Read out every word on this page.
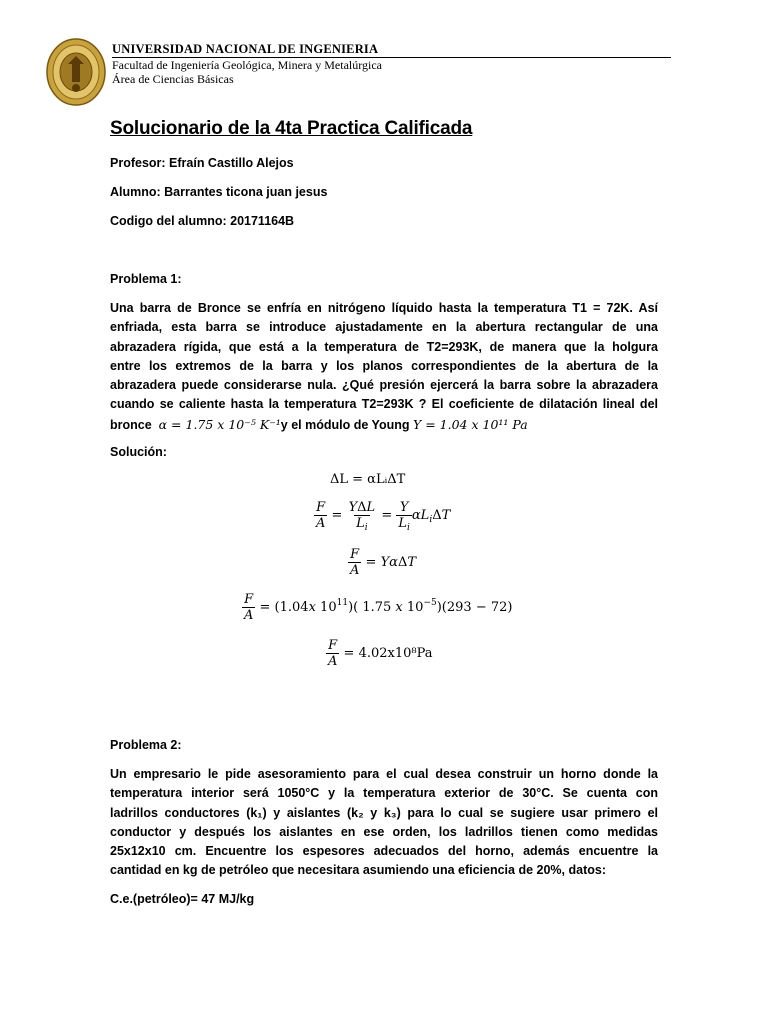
UNIVERSIDAD NACIONAL DE INGENIERIA
Facultad de Ingeniería Geológica, Minera y Metalúrgica
Área de Ciencias Básicas
Solucionario de la 4ta Practica Calificada
Profesor: Efraín Castillo Alejos
Alumno: Barrantes ticona juan jesus
Codigo del alumno: 20171164B
Problema 1:
Una barra de Bronce se enfría en nitrógeno líquido hasta la temperatura T1 = 72K. Así
enfriada, esta barra se introduce ajustadamente en la abertura rectangular de una
abrazadera rígida, que está a la temperatura de T2=293K, de manera que la holgura
entre los extremos de la barra y los planos correspondientes de la abertura de la
abrazadera puede considerarse nula. ¿Qué presión ejercerá la barra sobre la abrazadera
cuando se caliente hasta la temperatura T2=293K ? El coeficiente de dilatación lineal del
bronce α = 1.75 x 10⁻⁵ K⁻¹y el módulo de Young Y = 1.04 x 10¹¹ Pa
Solución:
ΔL = αLᵢΔT
$\frac{F}{A} = \frac{\text{YΔL}}{L_i} = \frac{Y}{L_i} \alpha L_i\Delta T$
$\frac{F}{A} = Y\alpha\Delta T$
$\frac{F}{A} = (1.04x$ $10^{11}$)( 1.75 x $10^{-5})(293 - 72)$
$\frac{F}{A} = 4.02x10^8Pa$
Problema 2:
Un empresario le pide asesoramiento para el cual desea construir un horno donde la
temperatura interior será 1050°C y la temperatura exterior de 30°C. Se cuenta con
ladrillos conductores (k₁) y aislantes (k₂ y k₃) para lo cual se sugiere usar primero el
conductor y después los aislantes en ese orden, los ladrillos tienen como medidas
25x12x10 cm. Encuentre los espesores adecuados del horno, además encuentre la
cantidad en kg de petróleo que necesitara asumiendo una eficiencia de 20%, datos:
C.e.(petróleo)= 47 MJ/kg
